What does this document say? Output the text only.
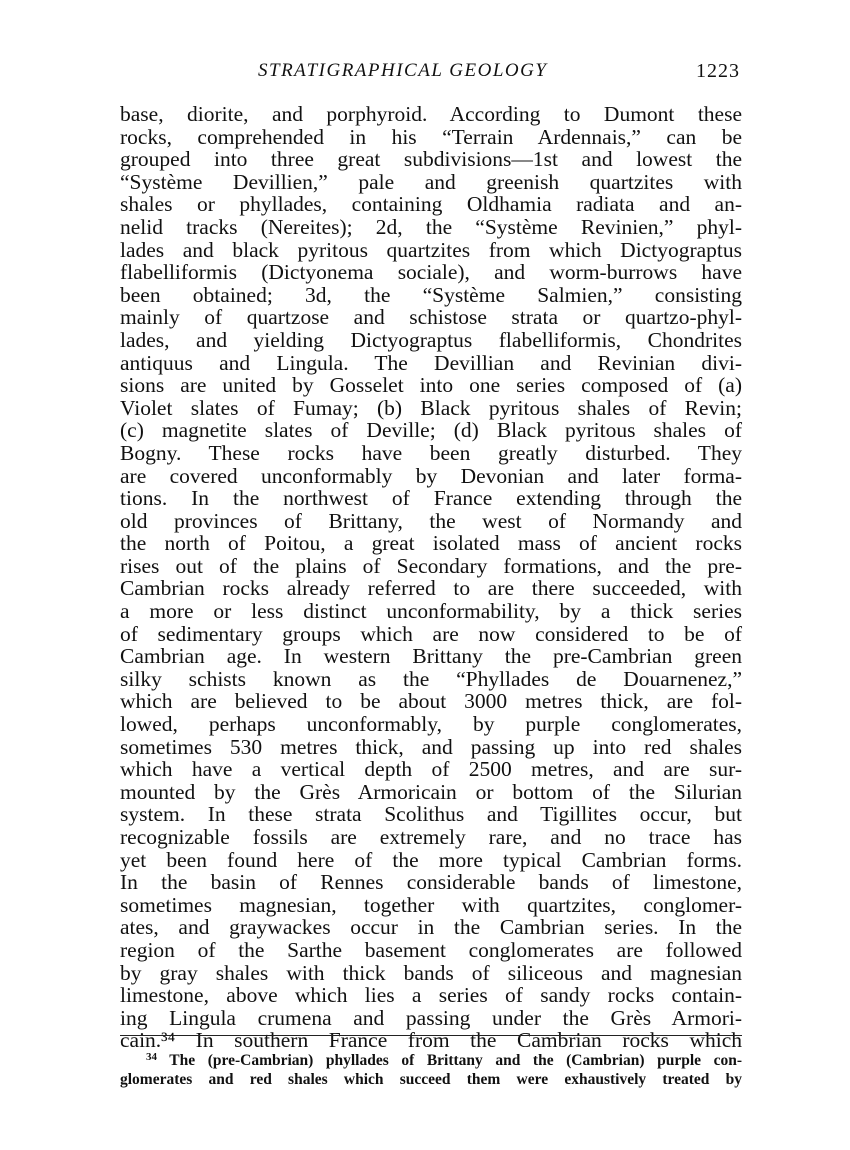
STRATIGRAPHICAL GEOLOGY	1223
base, diorite, and porphyroid. According to Dumont these
rocks, comprehended in his “Terrain Ardennais,” can be
grouped into three great subdivisions—1st and lowest the
“Système Devillien,” pale and greenish quartzites with
shales or phyllades, containing Oldhamia radiata and an-
nelid tracks (Nereites); 2d, the “Système Revinien,” phyl-
lades and black pyritous quartzites from which Dictyograptus
flabelliformis (Dictyonema sociale), and worm-burrows have
been obtained; 3d, the “Système Salmien,” consisting
mainly of quartzose and schistose strata or quartzo-phyl-
lades, and yielding Dictyograptus flabelliformis, Chondrites
antiquus and Lingula. The Devillian and Revinian divi-
sions are united by Gosselet into one series composed of (a)
Violet slates of Fumay; (b) Black pyritous shales of Revin;
(c) magnetite slates of Deville; (d) Black pyritous shales of
Bogny. These rocks have been greatly disturbed. They
are covered unconformably by Devonian and later forma-
tions. In the northwest of France extending through the
old provinces of Brittany, the west of Normandy and
the north of Poitou, a great isolated mass of ancient rocks
rises out of the plains of Secondary formations, and the pre-
Cambrian rocks already referred to are there succeeded, with
a more or less distinct unconformability, by a thick series
of sedimentary groups which are now considered to be of
Cambrian age. In western Brittany the pre-Cambrian green
silky schists known as the “Phyllades de Douarnenez,”
which are believed to be about 3000 metres thick, are fol-
lowed, perhaps unconformably, by purple conglomerates,
sometimes 530 metres thick, and passing up into red shales
which have a vertical depth of 2500 metres, and are sur-
mounted by the Grès Armoricain or bottom of the Silurian
system. In these strata Scolithus and Tigillites occur, but
recognizable fossils are extremely rare, and no trace has
yet been found here of the more typical Cambrian forms.
In the basin of Rennes considerable bands of limestone,
sometimes magnesian, together with quartzites, conglomer-
ates, and graywackes occur in the Cambrian series. In the
region of the Sarthe basement conglomerates are followed
by gray shales with thick bands of siliceous and magnesian
limestone, above which lies a series of sandy rocks contain-
ing Lingula crumena and passing under the Grès Armori-
cain.³⁴ In southern France from the Cambrian rocks which
$^{34}$ The (pre-Cambrian) phyllades of Brittany and the (Cambrian) purple con-
glomerates and red shales which succeed them were exhaustively treated by
